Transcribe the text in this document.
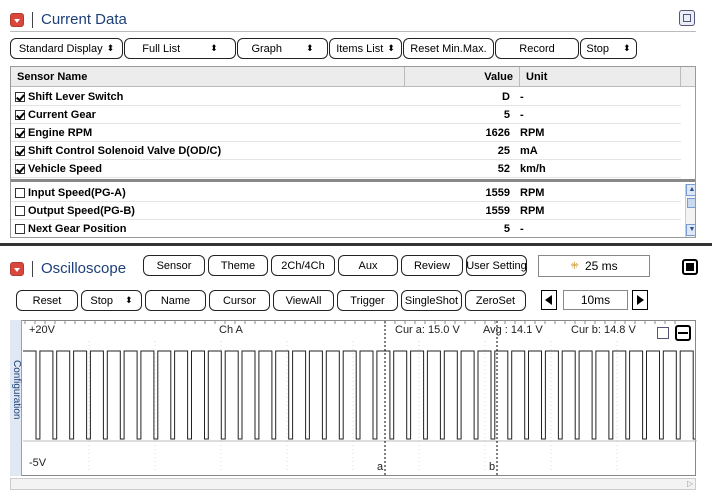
Current Data
Standard Display ⬍	Full List	⬍	Graph	⬍ Items List ⬍	Reset Min.Max.	Record	Stop ⬍
Sensor Name	Value	Unit
Shift Lever Switch	D -
Current Gear	5 -
Engine RPM	1626 RPM
Shift Control Solenoid Valve D(OD/C)	25 mA
Vehicle Speed	52 km/h
Input Speed(PG-A)	1559 RPM
Output Speed(PG-B)	1559 RPM
Next Gear Position	5 -
▲
▼
Oscilloscope	Sensor	Theme	2Ch/4Ch	Aux	Review	User Setting	ꔰ 25 ms
Reset	Stop ⬍	Name	Cursor	ViewAll	Trigger	SingleShot	ZeroSet	10ms
+20V
-5V
Ch A	Cur a: 15.0 V Avg : 14.1 V	Cur b: 14.8 V
a	b
Configuration
▷
